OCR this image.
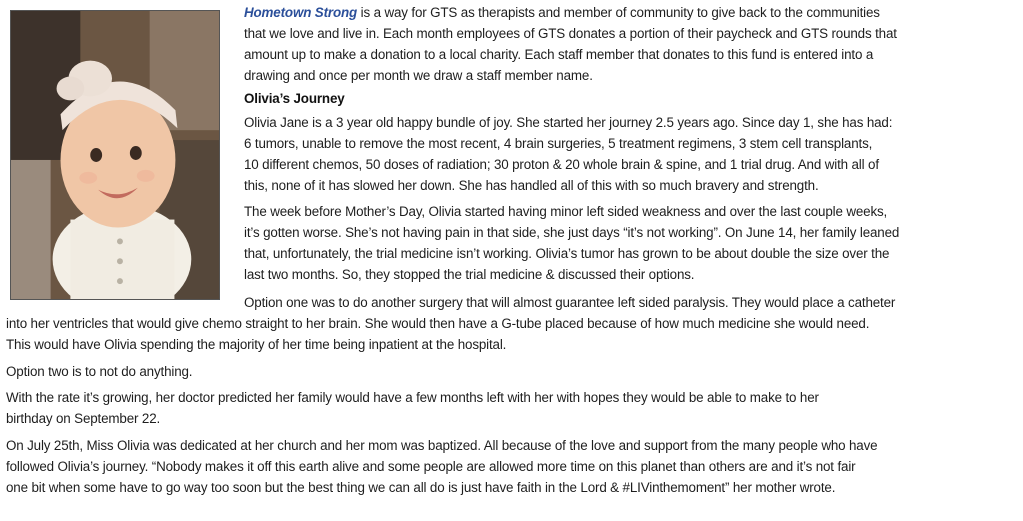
Hometown Strong is a way for GTS as therapists and member of community to give back to the communities
that we love and live in. Each month employees of GTS donates a portion of their paycheck and GTS rounds that
amount up to make a donation to a local charity. Each staff member that donates to this fund is entered into a
drawing and once per month we draw a staff member name.
Olivia’s Journey
Olivia Jane is a 3 year old happy bundle of joy. She started her journey 2.5 years ago. Since day 1, she has had:
6 tumors, unable to remove the most recent, 4 brain surgeries, 5 treatment regimens, 3 stem cell transplants,
10 different chemos, 50 doses of radiation; 30 proton & 20 whole brain & spine, and 1 trial drug. And with all of
this, none of it has slowed her down. She has handled all of this with so much bravery and strength.
The week before Mother’s Day, Olivia started having minor left sided weakness and over the last couple weeks,
it’s gotten worse. She’s not having pain in that side, she just days “it’s not working”. On June 14, her family leaned
that, unfortunately, the trial medicine isn’t working. Olivia’s tumor has grown to be about double the size over the
last two months. So, they stopped the trial medicine & discussed their options.
Option one was to do another surgery that will almost guarantee left sided paralysis. They would place a catheter
into her ventricles that would give chemo straight to her brain. She would then have a G-tube placed because of how much medicine she would need.
This would have Olivia spending the majority of her time being inpatient at the hospital.
Option two is to not do anything.
With the rate it’s growing, her doctor predicted her family would have a few months left with her with hopes they would be able to make to her
birthday on September 22.
On July 25th, Miss Olivia was dedicated at her church and her mom was baptized. All because of the love and support from the many people who have
followed Olivia’s journey. “Nobody makes it off this earth alive and some people are allowed more time on this planet than others are and it’s not fair
one bit when some have to go way too soon but the best thing we can all do is just have faith in the Lord & #LIVinthemoment” her mother wrote.
